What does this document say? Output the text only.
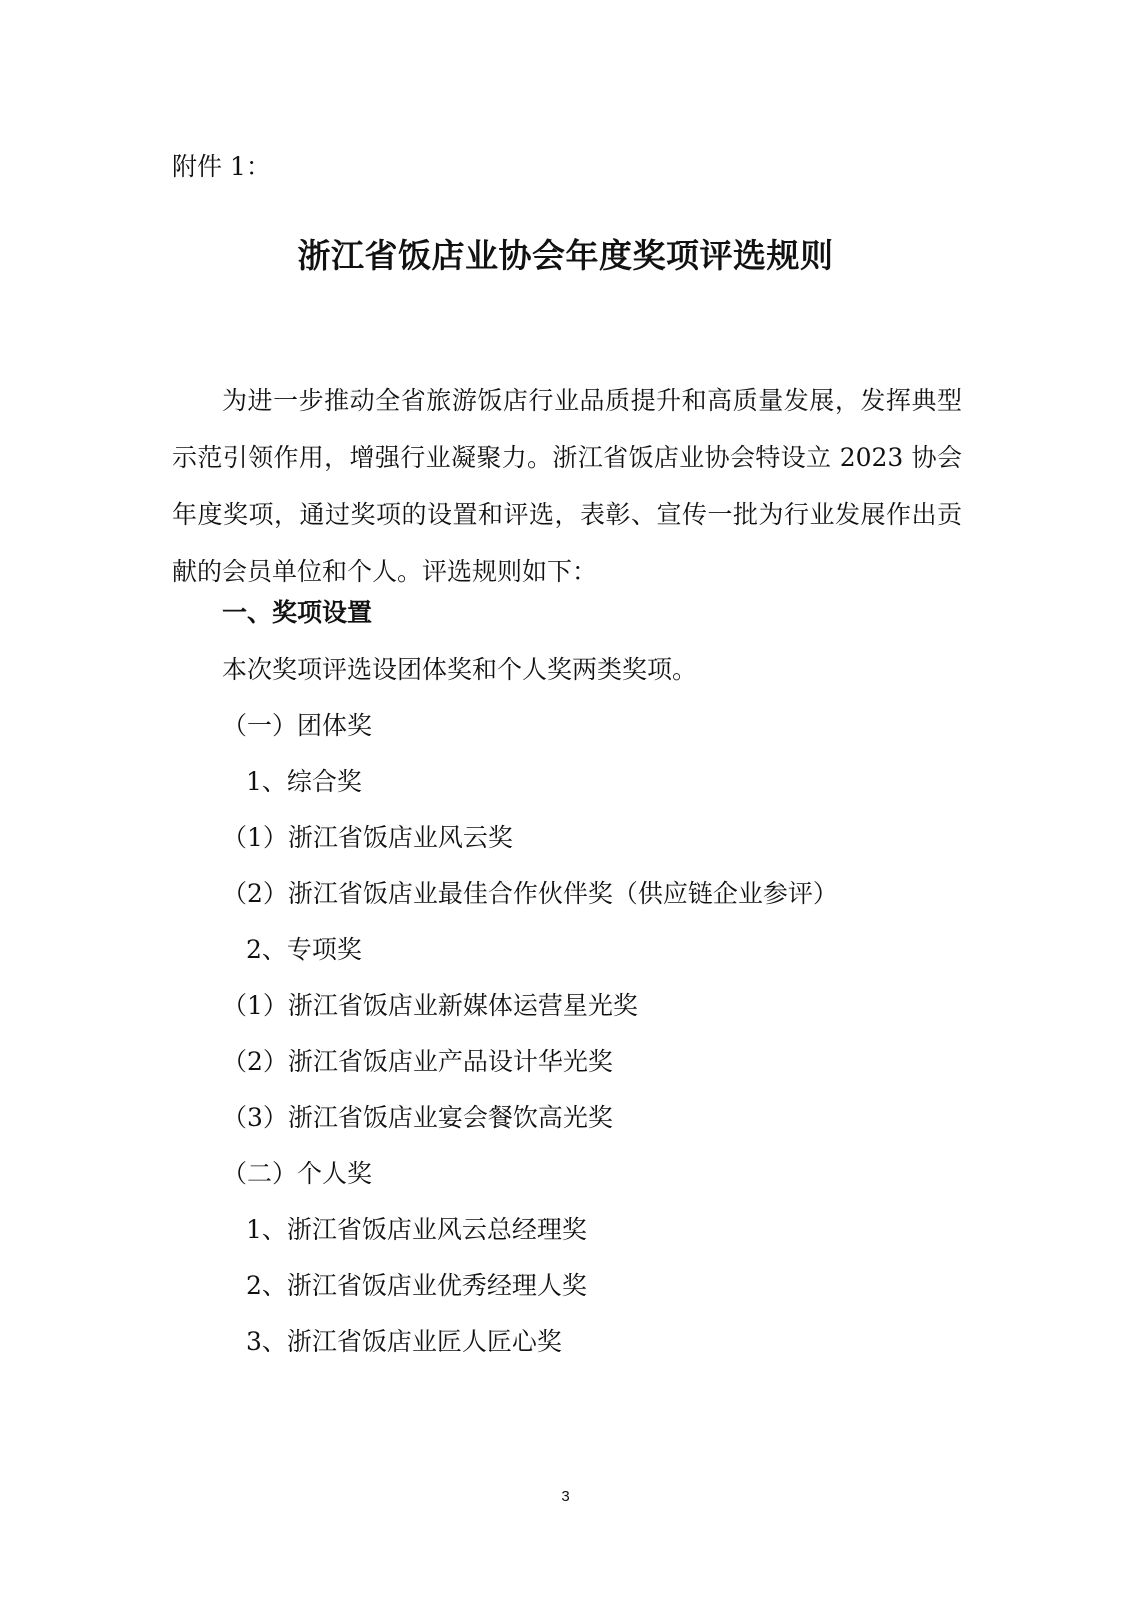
附件 1：
浙江省饭店业协会年度奖项评选规则

为进一步推动全省旅游饭店行业品质提升和高质量发展，发挥典型示范引领作用，增强行业凝聚力。浙江省饭店业协会特设立 2023 协会年度奖项，通过奖项的设置和评选，表彰、宣传一批为行业发展作出贡献的会员单位和个人。评选规则如下：

一、奖项设置
本次奖项评选设团体奖和个人奖两类奖项。
（一）团体奖
1、综合奖
（1）浙江省饭店业风云奖
（2）浙江省饭店业最佳合作伙伴奖（供应链企业参评）
2、专项奖
（1）浙江省饭店业新媒体运营星光奖
（2）浙江省饭店业产品设计华光奖
（3）浙江省饭店业宴会餐饮高光奖
（二）个人奖
1、浙江省饭店业风云总经理奖
2、浙江省饭店业优秀经理人奖
3、浙江省饭店业匠人匠心奖
3
